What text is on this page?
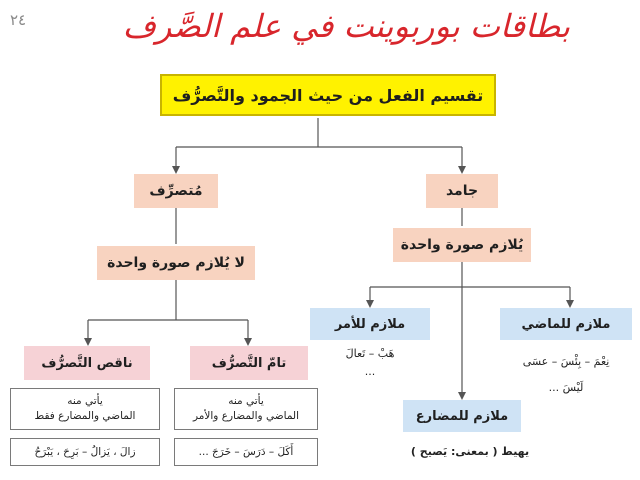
٢٤	بطاقات بوربوينت في علم الصَّرف
تقسيم الفعل من حيث الجمود والتَّصرُّف
مُتصرِّف	جامد
يُلازم صورة واحدة
لا يُلازم صورة واحدة
ملازم للأمر	ملازم للماضي
ملازم للمضارع
هَبْ – تَعالَ
...
نِعْمَ – بِئْسَ – عسَى
لَيْسَ ...
يهيط ( بمعنى: يَصيح )
ناقص التَّصرُّف	تامّ التَّصرُّف
يأتي منه
الماضي والمضارع فقط
يأتي منه
الماضي والمضارع والأمر
زالَ ، يَزالُ – بَرِحَ ، يَبْرَحُ	أَكَلَ – دَرَسَ – خَرَجَ ...
